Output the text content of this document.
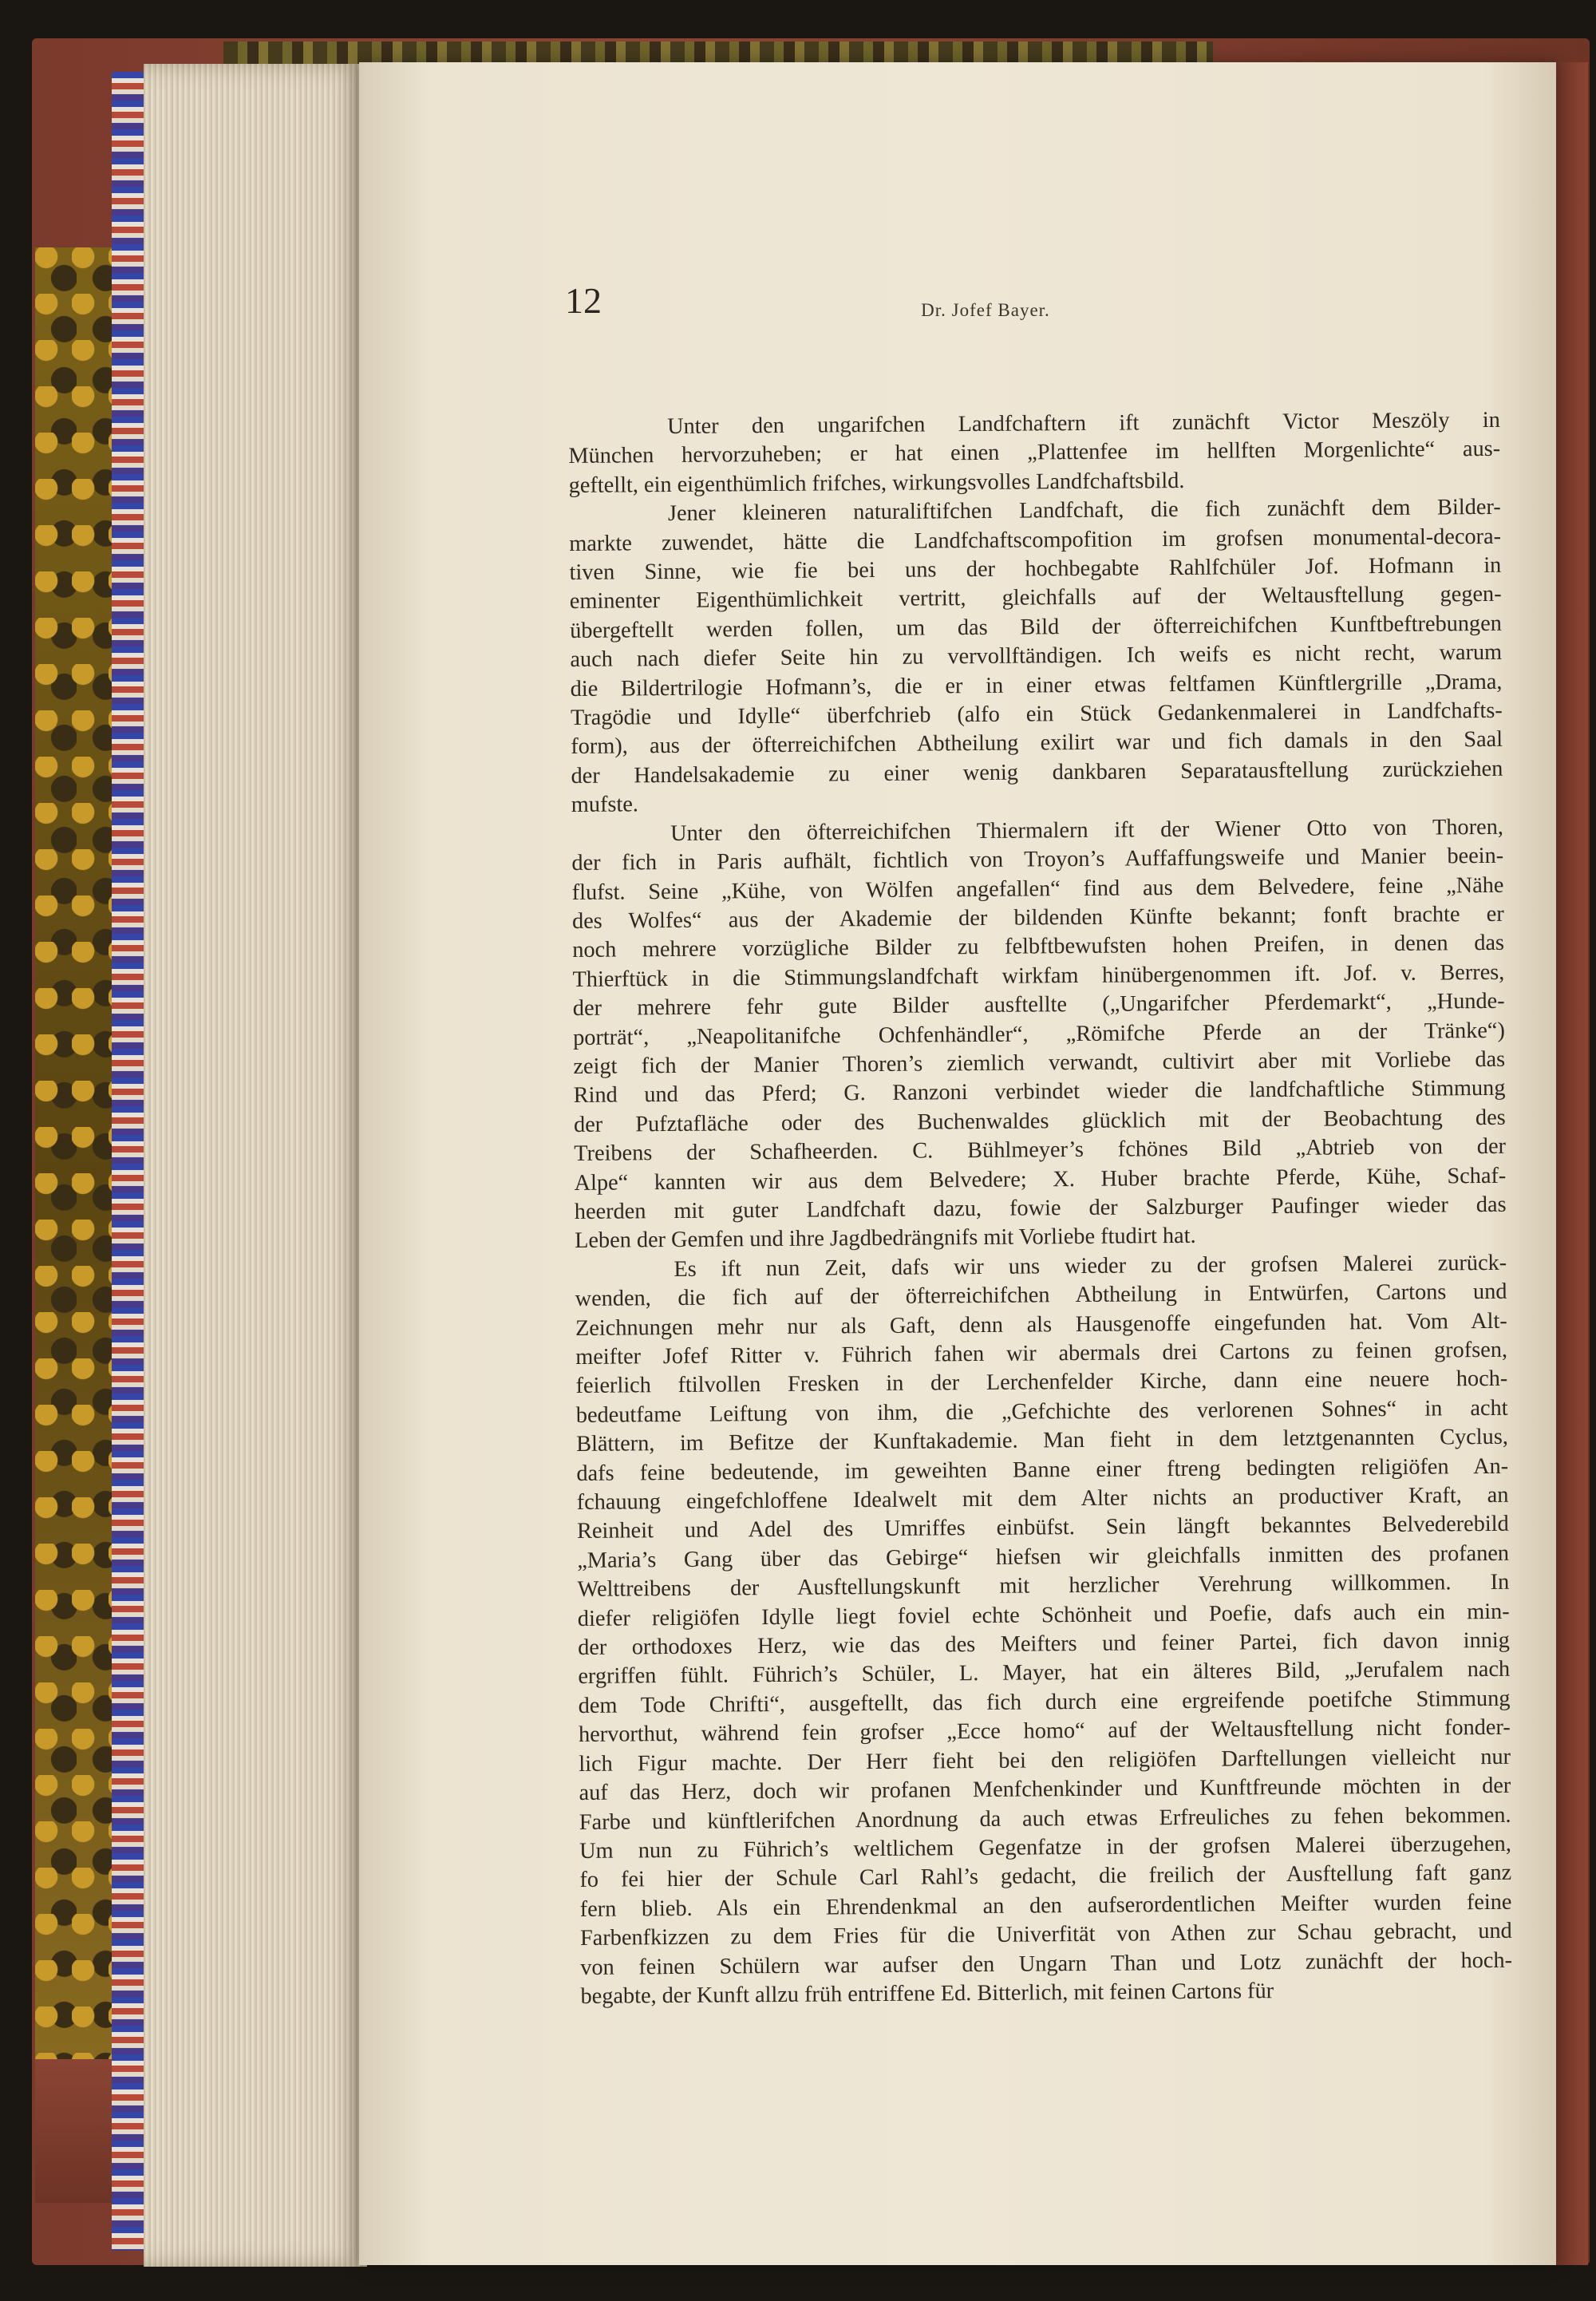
12	Dr. Jofef Bayer.
Unter den ungarifchen Landfchaftern ift zunächft Victor Meszöly in
München hervorzuheben; er hat einen „Plattenfee im hellften Morgenlichte“ aus-
geftellt, ein eigenthümlich frifches, wirkungsvolles Landfchaftsbild.
Jener kleineren naturaliftifchen Landfchaft, die fich zunächft dem Bilder-
markte zuwendet, hätte die Landfchaftscompofition im grofsen monumental-decora-
tiven Sinne, wie fie bei uns der hochbegabte Rahlfchüler Jof. Hofmann in
eminenter Eigenthümlichkeit vertritt, gleichfalls auf der Weltausftellung gegen-
übergeftellt werden follen, um das Bild der öfterreichifchen Kunftbeftrebungen
auch nach diefer Seite hin zu vervollftändigen. Ich weifs es nicht recht, warum
die Bildertrilogie Hofmann’s, die er in einer etwas feltfamen Künftlergrille „Drama,
Tragödie und Idylle“ überfchrieb (alfo ein Stück Gedankenmalerei in Landfchafts-
form), aus der öfterreichifchen Abtheilung exilirt war und fich damals in den Saal
der Handelsakademie zu einer wenig dankbaren Separatausftellung zurückziehen
mufste.
Unter den öfterreichifchen Thiermalern ift der Wiener Otto von Thoren,
der fich in Paris aufhält, fichtlich von Troyon’s Auffaffungsweife und Manier beein-
flufst. Seine „Kühe, von Wölfen angefallen“ find aus dem Belvedere, feine „Nähe
des Wolfes“ aus der Akademie der bildenden Künfte bekannt; fonft brachte er
noch mehrere vorzügliche Bilder zu felbftbewufsten hohen Preifen, in denen das
Thierftück in die Stimmungslandfchaft wirkfam hinübergenommen ift. Jof. v. Berres,
der mehrere fehr gute Bilder ausftellte („Ungarifcher Pferdemarkt“, „Hunde-
porträt“, „Neapolitanifche Ochfenhändler“, „Römifche Pferde an der Tränke“)
zeigt fich der Manier Thoren’s ziemlich verwandt, cultivirt aber mit Vorliebe das
Rind und das Pferd; G. Ranzoni verbindet wieder die landfchaftliche Stimmung
der Pufztafläche oder des Buchenwaldes glücklich mit der Beobachtung des
Treibens der Schafheerden. C. Bühlmeyer’s fchönes Bild „Abtrieb von der
Alpe“ kannten wir aus dem Belvedere; X. Huber brachte Pferde, Kühe, Schaf-
heerden mit guter Landfchaft dazu, fowie der Salzburger Paufinger wieder das
Leben der Gemfen und ihre Jagdbedrängnifs mit Vorliebe ftudirt hat.
Es ift nun Zeit, dafs wir uns wieder zu der grofsen Malerei zurück-
wenden, die fich auf der öfterreichifchen Abtheilung in Entwürfen, Cartons und
Zeichnungen mehr nur als Gaft, denn als Hausgenoffe eingefunden hat. Vom Alt-
meifter Jofef Ritter v. Führich fahen wir abermals drei Cartons zu feinen grofsen,
feierlich ftilvollen Fresken in der Lerchenfelder Kirche, dann eine neuere hoch-
bedeutfame Leiftung von ihm, die „Gefchichte des verlorenen Sohnes“ in acht
Blättern, im Befitze der Kunftakademie. Man fieht in dem letztgenannten Cyclus,
dafs feine bedeutende, im geweihten Banne einer ftreng bedingten religiöfen An-
fchauung eingefchloffene Idealwelt mit dem Alter nichts an productiver Kraft, an
Reinheit und Adel des Umriffes einbüfst. Sein längft bekanntes Belvederebild
„Maria’s Gang über das Gebirge“ hiefsen wir gleichfalls inmitten des profanen
Welttreibens der Ausftellungskunft mit herzlicher Verehrung willkommen. In
diefer religiöfen Idylle liegt foviel echte Schönheit und Poefie, dafs auch ein min-
der orthodoxes Herz, wie das des Meifters und feiner Partei, fich davon innig
ergriffen fühlt. Führich’s Schüler, L. Mayer, hat ein älteres Bild, „Jerufalem nach
dem Tode Chrifti“, ausgeftellt, das fich durch eine ergreifende poetifche Stimmung
hervorthut, während fein grofser „Ecce homo“ auf der Weltausftellung nicht fonder-
lich Figur machte. Der Herr fieht bei den religiöfen Darftellungen vielleicht nur
auf das Herz, doch wir profanen Menfchenkinder und Kunftfreunde möchten in der
Farbe und künftlerifchen Anordnung da auch etwas Erfreuliches zu fehen bekommen.
Um nun zu Führich’s weltlichem Gegenfatze in der grofsen Malerei überzugehen,
fo fei hier der Schule Carl Rahl’s gedacht, die freilich der Ausftellung faft ganz
fern blieb. Als ein Ehrendenkmal an den aufserordentlichen Meifter wurden feine
Farbenfkizzen zu dem Fries für die Univerfität von Athen zur Schau gebracht, und
von feinen Schülern war aufser den Ungarn Than und Lotz zunächft der hoch-
begabte, der Kunft allzu früh entriffene Ed. Bitterlich, mit feinen Cartons für
